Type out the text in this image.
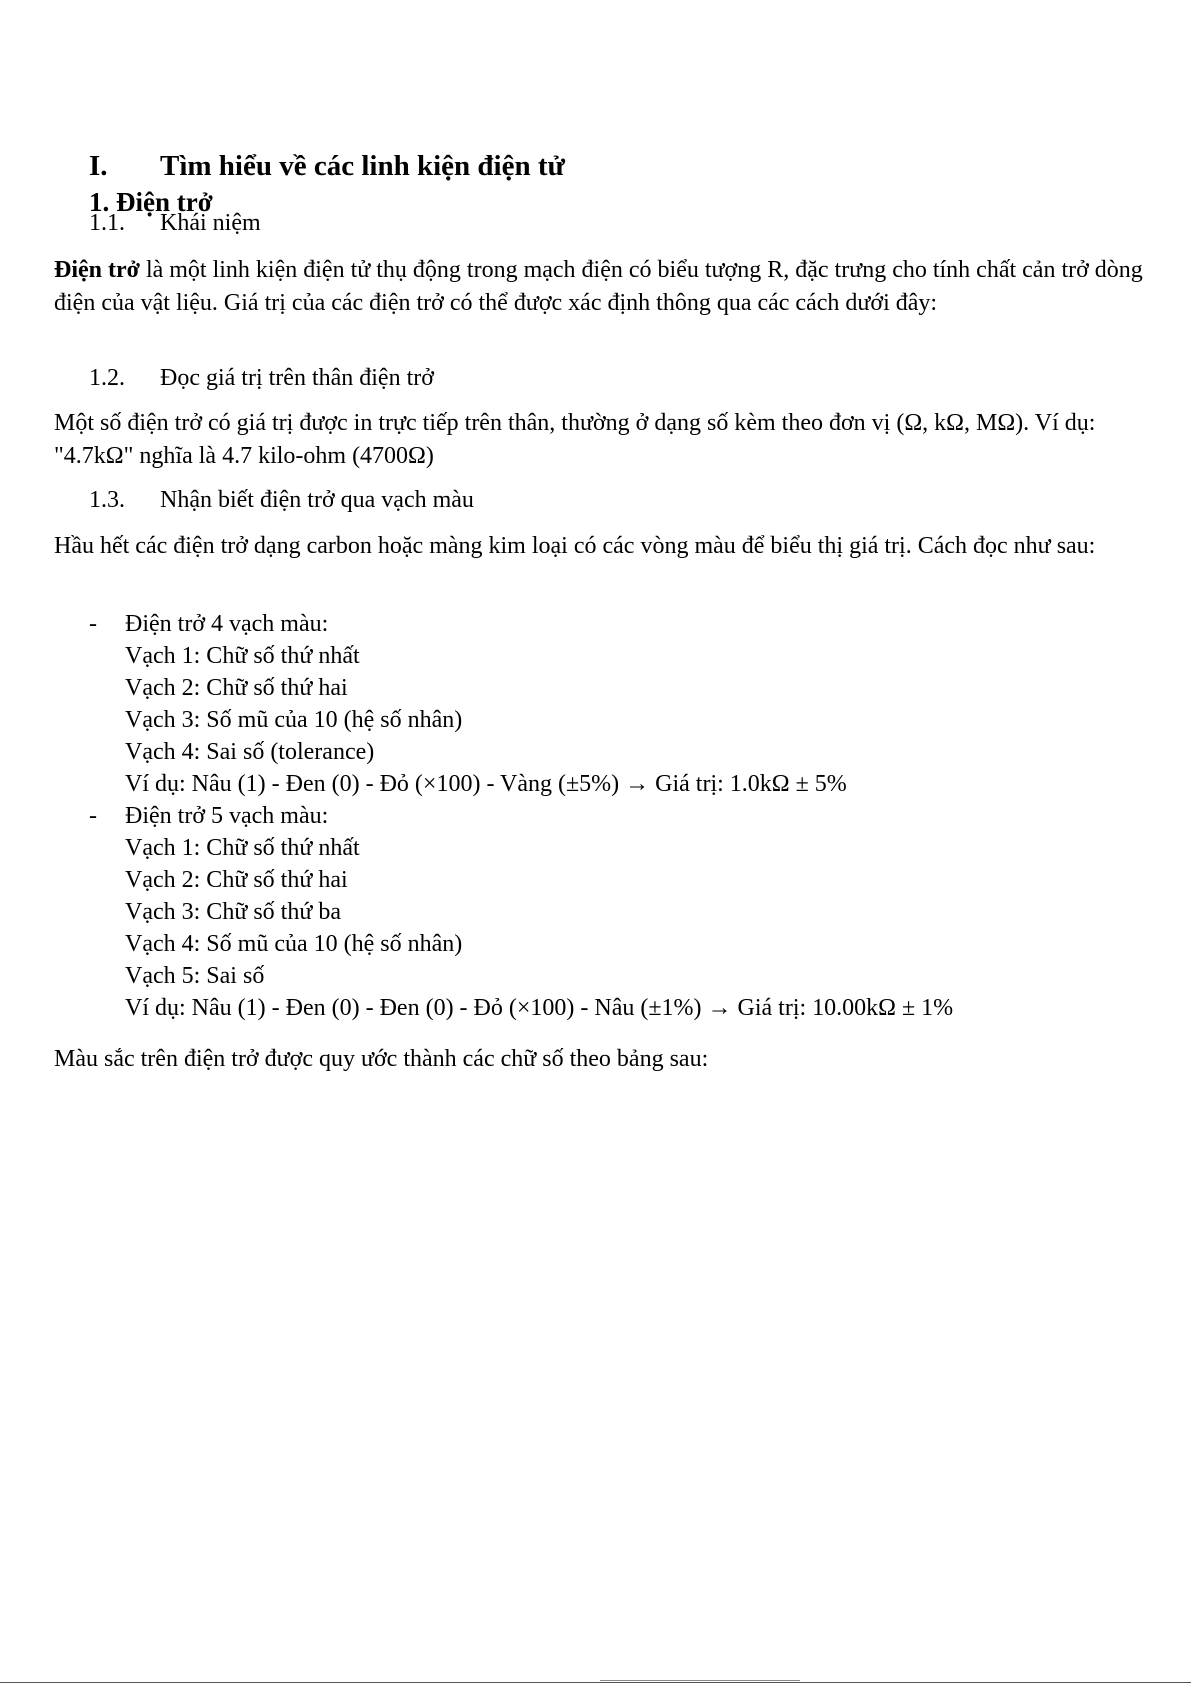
I. Tìm hiểu về các linh kiện điện tử
1. Điện trở
1.1. Khái niệm
Điện trở là một linh kiện điện tử thụ động trong mạch điện có biểu tượng R, đặc trưng cho tính chất cản trở dòng điện của vật liệu. Giá trị của các điện trở có thể được xác định thông qua các cách dưới đây:
1.2. Đọc giá trị trên thân điện trở
Một số điện trở có giá trị được in trực tiếp trên thân, thường ở dạng số kèm theo đơn vị (Ω, kΩ, MΩ). Ví dụ: "4.7kΩ" nghĩa là 4.7 kilo-ohm (4700Ω)
1.3. Nhận biết điện trở qua vạch màu
Hầu hết các điện trở dạng carbon hoặc màng kim loại có các vòng màu để biểu thị giá trị. Cách đọc như sau:
- Điện trở 4 vạch màu:
Vạch 1: Chữ số thứ nhất
Vạch 2: Chữ số thứ hai
Vạch 3: Số mũ của 10 (hệ số nhân)
Vạch 4: Sai số (tolerance)
Ví dụ: Nâu (1) - Đen (0) - Đỏ (×100) - Vàng (±5%) → Giá trị: 1.0kΩ ± 5%
- Điện trở 5 vạch màu:
Vạch 1: Chữ số thứ nhất
Vạch 2: Chữ số thứ hai
Vạch 3: Chữ số thứ ba
Vạch 4: Số mũ của 10 (hệ số nhân)
Vạch 5: Sai số
Ví dụ: Nâu (1) - Đen (0) - Đen (0) - Đỏ (×100) - Nâu (±1%) → Giá trị: 10.00kΩ ± 1%
Màu sắc trên điện trở được quy ước thành các chữ số theo bảng sau:
